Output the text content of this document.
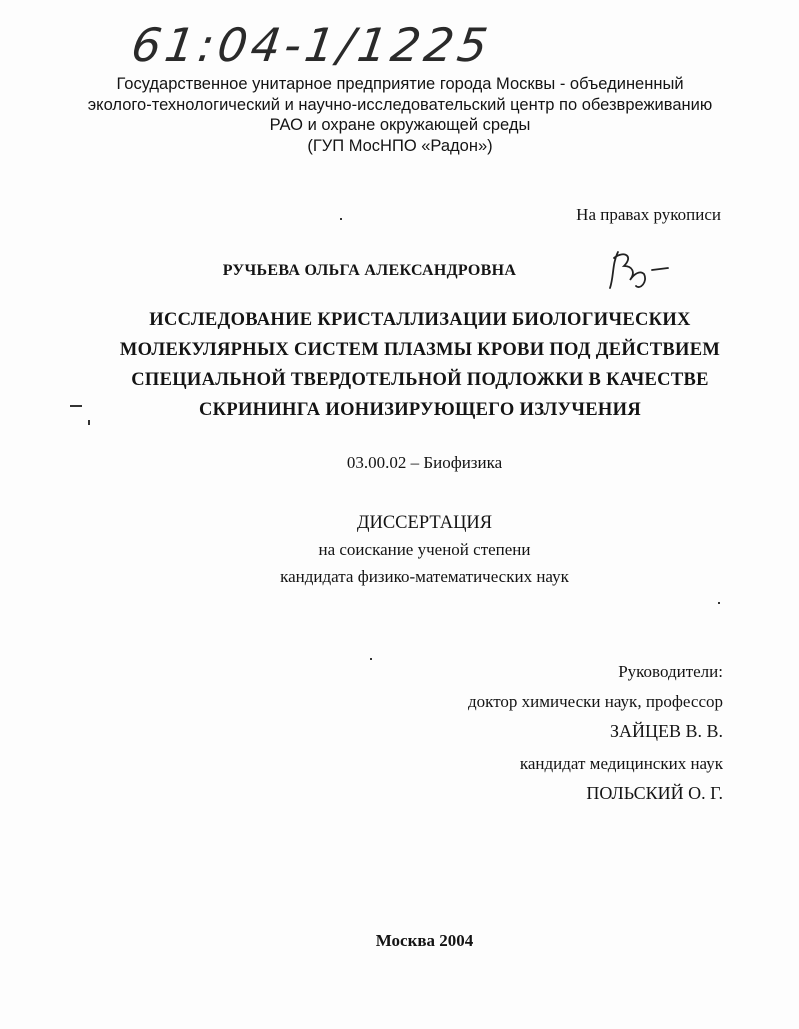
61:04-1/1225
Государственное унитарное предприятие города Москвы - объединенный
эколого-технологический и научно-исследовательский центр по обезвреживанию
РАО и охране окружающей среды
(ГУП МосНПО «Радон»)
На правах рукописи
РУЧЬЕВА ОЛЬГА АЛЕКСАНДРОВНА
ИССЛЕДОВАНИЕ КРИСТАЛЛИЗАЦИИ БИОЛОГИЧЕСКИХ
МОЛЕКУЛЯРНЫХ СИСТЕМ ПЛАЗМЫ КРОВИ ПОД ДЕЙСТВИЕМ
СПЕЦИАЛЬНОЙ ТВЕРДОТЕЛЬНОЙ ПОДЛОЖКИ В КАЧЕСТВЕ
СКРИНИНГА ИОНИЗИРУЮЩЕГО ИЗЛУЧЕНИЯ
03.00.02 – Биофизика
ДИССЕРТАЦИЯ
на соискание ученой степени
кандидата физико-математических наук
Руководители:
доктор химически наук, профессор
ЗАЙЦЕВ В. В.
кандидат медицинских наук
ПОЛЬСКИЙ О. Г.
Москва 2004
